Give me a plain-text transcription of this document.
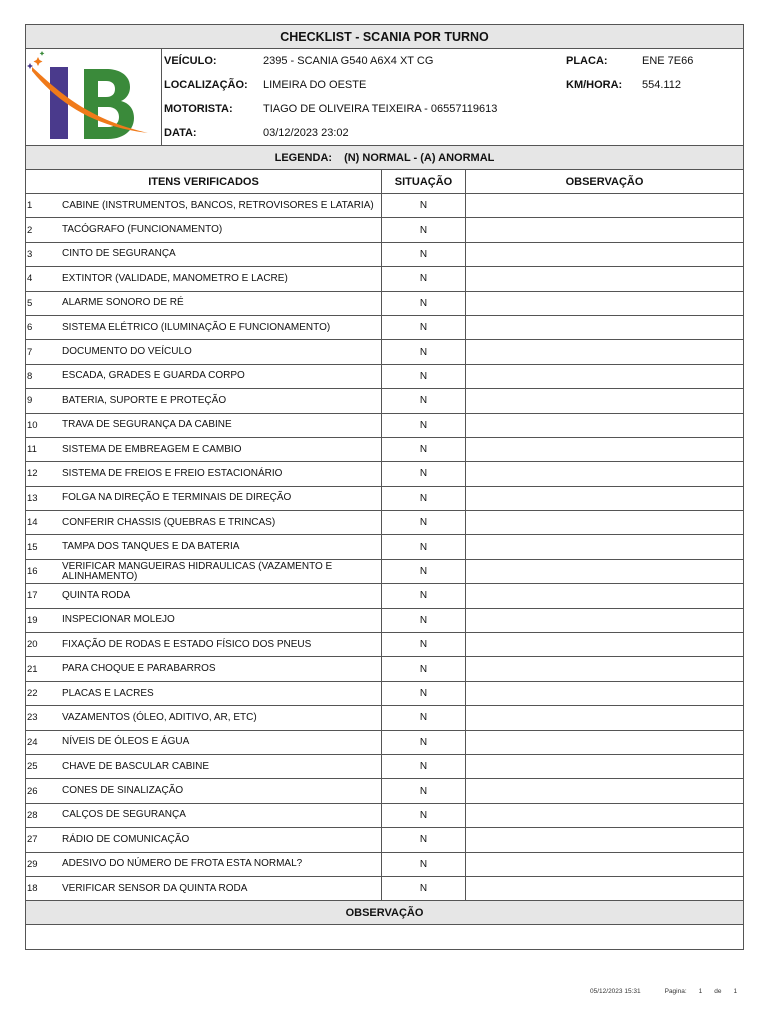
CHECKLIST - SCANIA POR TURNO
VEÍCULO:	2395 - SCANIA G540 A6X4 XT CG	PLACA:	ENE 7E66
LOCALIZAÇÃO: LIMEIRA DO OESTE	KM/HORA: 554.112
MOTORISTA:	TIAGO DE OLIVEIRA TEIXEIRA - 06557119613
DATA:	03/12/2023 23:02
LEGENDA: (N) NORMAL - (A) ANORMAL
ITENS VERIFICADOS	SITUAÇÃO	OBSERVAÇÃO
1	CABINE (INSTRUMENTOS, BANCOS, RETROVISORES E LATARIA)	N
2	TACÓGRAFO (FUNCIONAMENTO)	N
3	CINTO DE SEGURANÇA	N
4	EXTINTOR (VALIDADE, MANOMETRO E LACRE)	N
5	ALARME SONORO DE RÉ	N
6	SISTEMA ELÉTRICO (ILUMINAÇÃO E FUNCIONAMENTO)	N
7	DOCUMENTO DO VEÍCULO	N
8	ESCADA, GRADES E GUARDA CORPO	N
9	BATERIA, SUPORTE E PROTEÇÃO	N
10	TRAVA DE SEGURANÇA DA CABINE	N
11	SISTEMA DE EMBREAGEM E CAMBIO	N
12	SISTEMA DE FREIOS E FREIO ESTACIONÁRIO	N
13	FOLGA NA DIREÇÃO E TERMINAIS DE DIREÇÃO	N
14	CONFERIR CHASSIS (QUEBRAS E TRINCAS)	N
15	TAMPA DOS TANQUES E DA BATERIA	N
16	VERIFICAR MANGUEIRAS HIDRAULICAS (VAZAMENTO E ALINHAMENTO)	N
17	QUINTA RODA	N
19	INSPECIONAR MOLEJO	N
20	FIXAÇÃO DE RODAS E ESTADO FÍSICO DOS PNEUS	N
21	PARA CHOQUE E PARABARROS	N
22	PLACAS E LACRES	N
23	VAZAMENTOS (ÓLEO, ADITIVO, AR, ETC)	N
24	NÍVEIS DE ÓLEOS E ÁGUA	N
25	CHAVE DE BASCULAR CABINE	N
26	CONES DE SINALIZAÇÃO	N
28	CALÇOS DE SEGURANÇA	N
27	RÁDIO DE COMUNICAÇÃO	N
29	ADESIVO DO NÚMERO DE FROTA ESTA NORMAL?	N
18	VERIFICAR SENSOR DA QUINTA RODA	N
OBSERVAÇÃO
05/12/2023 15:31	Pagina: 1 de 1
